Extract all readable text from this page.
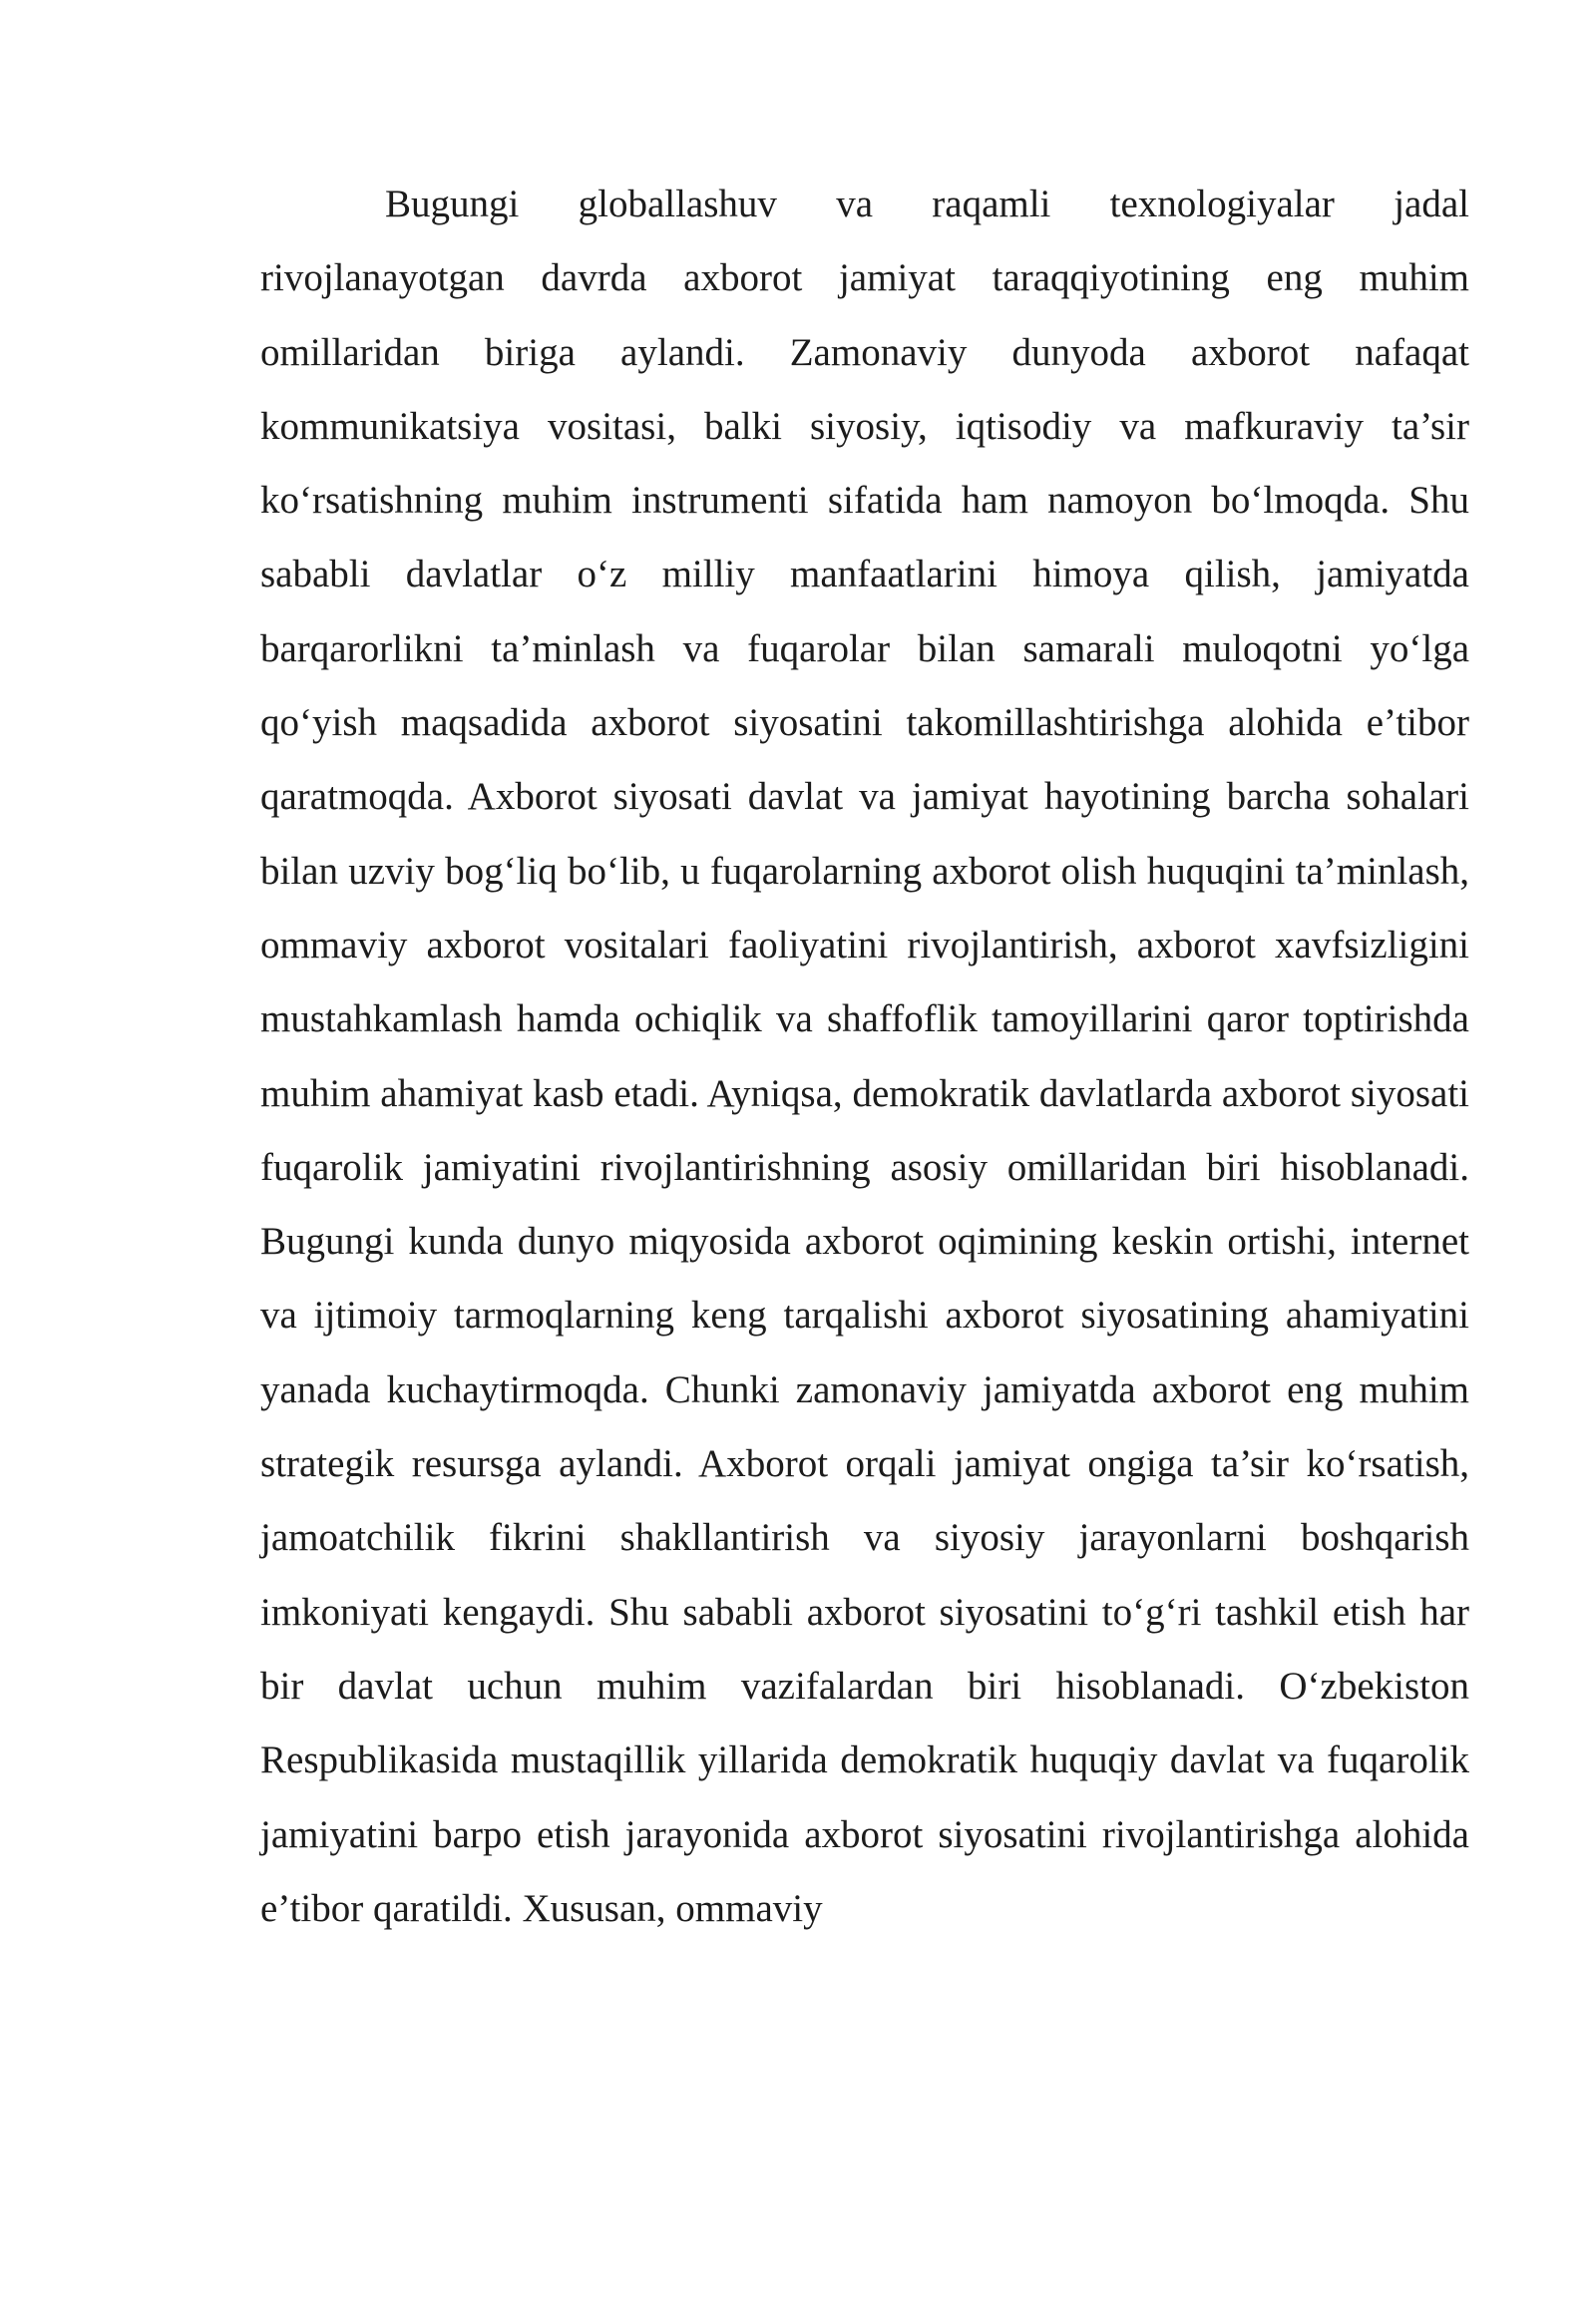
Bugungi globallashuv va raqamli texnologiyalar jadal rivojlanayotgan davrda axborot jamiyat taraqqiyotining eng muhim omillaridan biriga aylandi. Zamonaviy dunyoda axborot nafaqat kommunikatsiya vositasi, balki siyosiy, iqtisodiy va mafkuraviy ta’sir ko‘rsatishning muhim instrumenti sifatida ham namoyon bo‘lmoqda. Shu sababli davlatlar o‘z milliy manfaatlarini himoya qilish, jamiyatda barqarorlikni ta’minlash va fuqarolar bilan samarali muloqotni yo‘lga qo‘yish maqsadida axborot siyosatini takomillashtirishga alohida e’tibor qaratmoqda. Axborot siyosati davlat va jamiyat hayotining barcha sohalari bilan uzviy bog‘liq bo‘lib, u fuqarolarning axborot olish huquqini ta’minlash, ommaviy axborot vositalari faoliyatini rivojlantirish, axborot xavfsizligini mustahkamlash hamda ochiqlik va shaffoflik tamoyillarini qaror toptirishda muhim ahamiyat kasb etadi. Ayniqsa, demokratik davlatlarda axborot siyosati fuqarolik jamiyatini rivojlantirishning asosiy omillaridan biri hisoblanadi. Bugungi kunda dunyo miqyosida axborot oqimining keskin ortishi, internet va ijtimoiy tarmoqlarning keng tarqalishi axborot siyosatining ahamiyatini yanada kuchaytirmoqda. Chunki zamonaviy jamiyatda axborot eng muhim strategik resursga aylandi. Axborot orqali jamiyat ongiga ta’sir ko‘rsatish, jamoatchilik fikrini shakllantirish va siyosiy jarayonlarni boshqarish imkoniyati kengaydi. Shu sababli axborot siyosatini to‘g‘ri tashkil etish har bir davlat uchun muhim vazifalardan biri hisoblanadi. O‘zbekiston Respublikasida mustaqillik yillarida demokratik huquqiy davlat va fuqarolik jamiyatini barpo etish jarayonida axborot siyosatini rivojlantirishga alohida e’tibor qaratildi. Xususan, ommaviy
